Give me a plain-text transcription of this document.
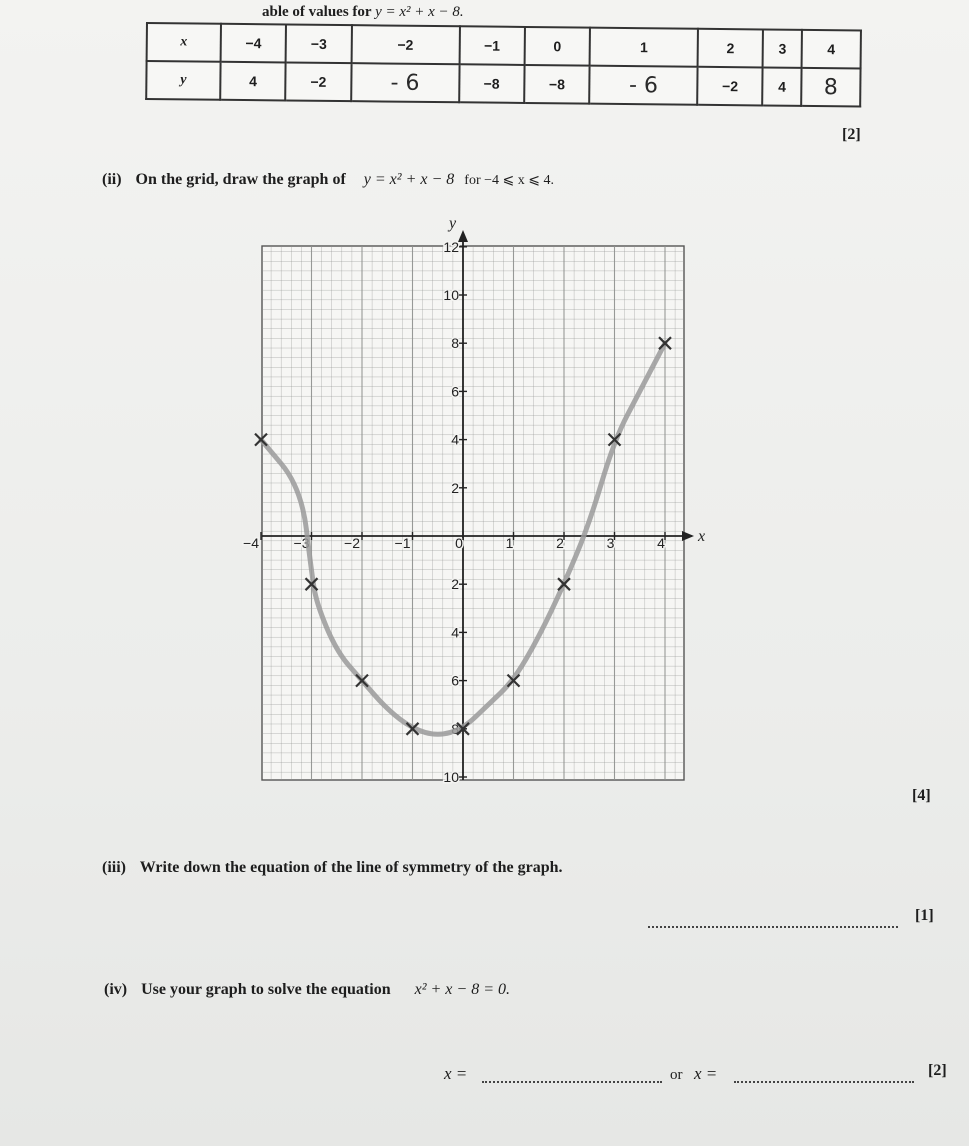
able of values for y = x² + x − 8.
x	−4	−3	−2	−1	0	1	2	3	4
y	4	−2	- 6	−8	−8	- 6	−2	4	8
[2]
(ii) On the grid, draw the graph of y = x² + x − 8 for −4 ⩽ x ⩽ 4.
x
y
−4 −3 −2 −1	0	1	2	3	4
10
8
6
4
2
2
4
6
8
10
12
[4]
(iii) Write down the equation of the line of symmetry of the graph.
[1]
(iv) Use your graph to solve the equation x² + x − 8 = 0.
x =	or x =	[2]
